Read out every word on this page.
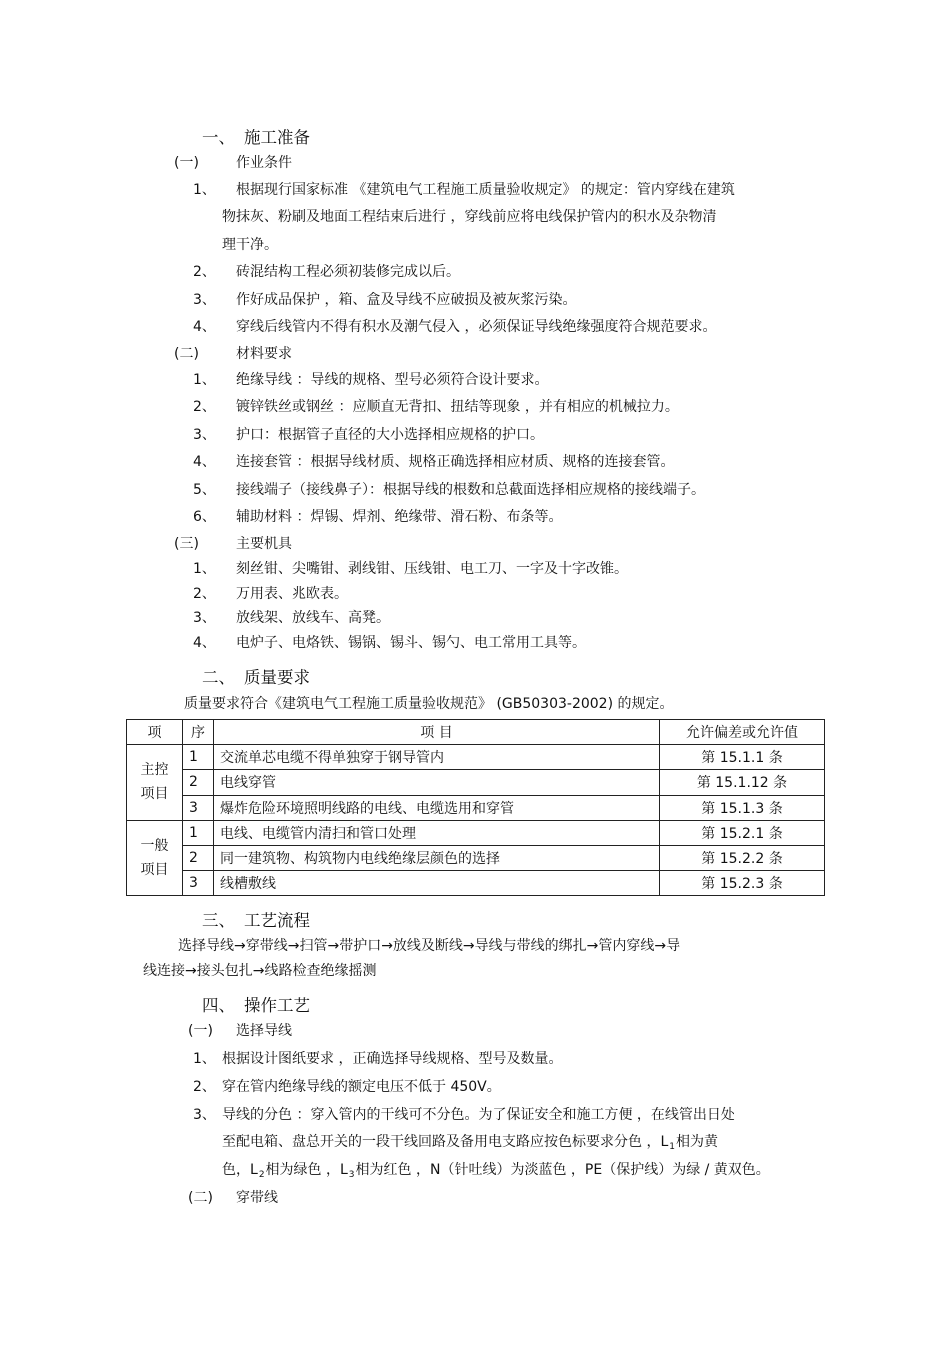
一、 施工准备
(一)	作业条件
1、 根据现行国家标准 《建筑电气工程施工质量验收规定》 的规定：管内穿线在建筑
物抹灰、粉刷及地面工程结束后进行 ，穿线前应将电线保护管内的积水及杂物清
理干净。
2、 砖混结构工程必须初装修完成以后。
3、 作好成品保护 ，箱、盒及导线不应破损及被灰浆污染。
4、 穿线后线管内不得有积水及潮气侵入 ，必须保证导线绝缘强度符合规范要求。
(二)	材料要求
1、 绝缘导线 ：导线的规格、型号必须符合设计要求。
2、 镀锌铁丝或钢丝 ：应顺直无背扣、扭结等现象 ，并有相应的机械拉力。
3、 护口：根据管子直径的大小选择相应规格的护口。
4、 连接套管 ：根据导线材质、规格正确选择相应材质、规格的连接套管。
5、 接线端子（接线鼻子）：根据导线的根数和总截面选择相应规格的接线端子。
6、 辅助材料 ：焊锡、焊剂、绝缘带、滑石粉、布条等。
(三)	主要机具
1、 刻丝钳、尖嘴钳、剥线钳、压线钳、电工刀、一字及十字改锥。
2、 万用表、兆欧表。
3、 放线架、放线车、高凳。
4、 电炉子、电烙铁、锡锅、锡斗、锡勺、电工常用工具等。
二、 质量要求
质量要求符合《建筑电气工程施工质量验收规范》 (GB50303-2002) 的规定。
项	序	项 目	允许偏差或允许值
主控项目	1	交流单芯电缆不得单独穿于钢导管内	第 15.1.1 条
	2	电线穿管	第 15.1.12 条
	3	爆炸危险环境照明线路的电线、电缆选用和穿管	第 15.1.3 条
一般项目	1	电线、电缆管内清扫和管口处理	第 15.2.1 条
	2	同一建筑物、构筑物内电线绝缘层颜色的选择	第 15.2.2 条
	3	线槽敷线	第 15.2.3 条
三、 工艺流程
选择导线→穿带线→扫管→带护口→放线及断线→导线与带线的绑扎→管内穿线→导
线连接→接头包扎→线路检查绝缘摇测
四、 操作工艺
(一) 选择导线
1、 根据设计图纸要求 ，正确选择导线规格、型号及数量。
2、 穿在管内绝缘导线的额定电压不低于 450V。
3、 导线的分色 ：穿入管内的干线可不分色。为了保证安全和施工方便 ，在线管出日处
至配电箱、盘总开关的一段干线回路及备用电支路应按色标要求分色 ，$L_1$相为黄
色，$L_2$相为绿色 ，$L_3$相为红色 ，N（针吐线）为淡蓝色 ，PE（保护线）为绿 / 黄双色。
(二) 穿带线
